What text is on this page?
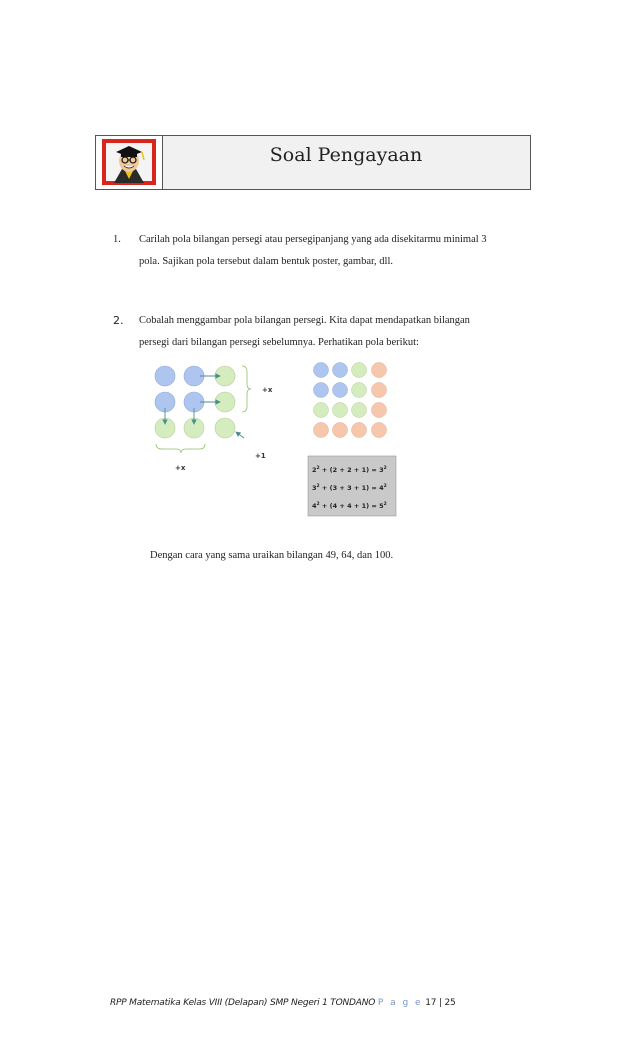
Soal Pengayaan
1. Carilah pola bilangan persegi atau persegipanjang yang ada disekitarmu minimal 3
pola. Sajikan pola tersebut dalam bentuk poster, gambar, dll.
2. Cobalah menggambar pola bilangan persegi. Kita dapat mendapatkan bilangan
persegi dari bilangan persegi sebelumnya. Perhatikan pola berikut:
+x
+x
+1
$2^2 + (2 + 2 + 1) = 3^2$
$3^2 + (3 + 3 + 1) = 4^2$
$4^2 + (4 + 4 + 1) = 5^2$
Dengan cara yang sama uraikan bilangan 49, 64, dan 100.
RPP Matematika Kelas VIII (Delapan) SMP Negeri 1 TONDANO P a g e 17 | 25
